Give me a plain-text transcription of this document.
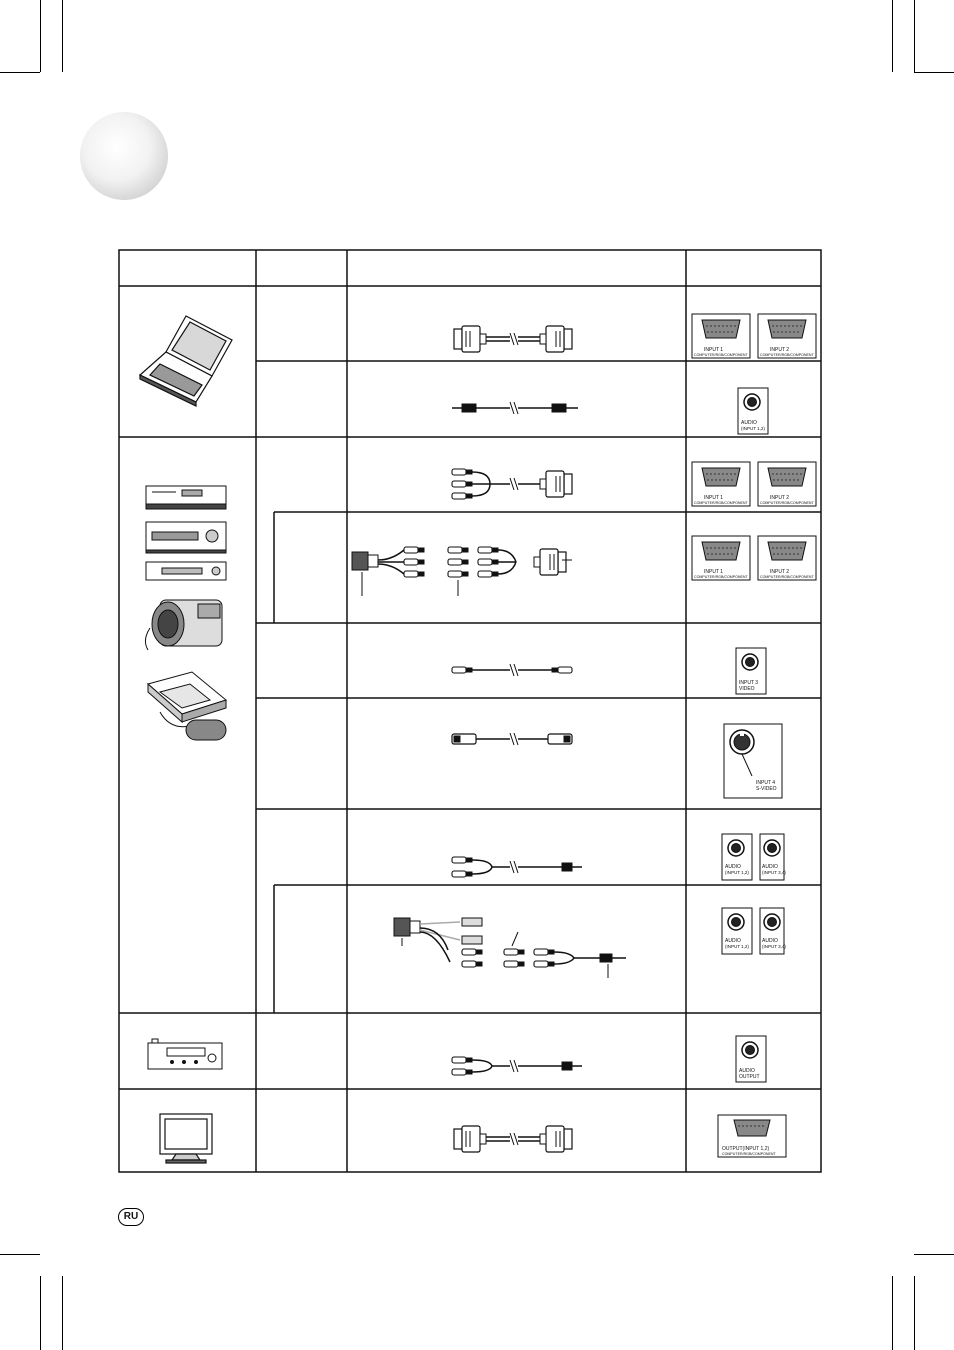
INPUT 1
COMPUTER/RGB/COMPONENT
INPUT 2
COMPUTER/RGB/COMPONENT
AUDIO
(INPUT 1,2)
INPUT 1
COMPUTER/RGB/COMPONENT
INPUT 2
COMPUTER/RGB/COMPONENT
INPUT 1
COMPUTER/RGB/COMPONENT
INPUT 2
COMPUTER/RGB/COMPONENT
INPUT 3
VIDEO
INPUT 4
S-VIDEO
AUDIO
(INPUT 1,2)
AUDIO
(INPUT 3,4)
AUDIO
(INPUT 1,2)
AUDIO
(INPUT 3,4)
AUDIO
OUTPUT
OUTPUT(INPUT 1,2)
COMPUTER/RGB/COMPONENT
RU
